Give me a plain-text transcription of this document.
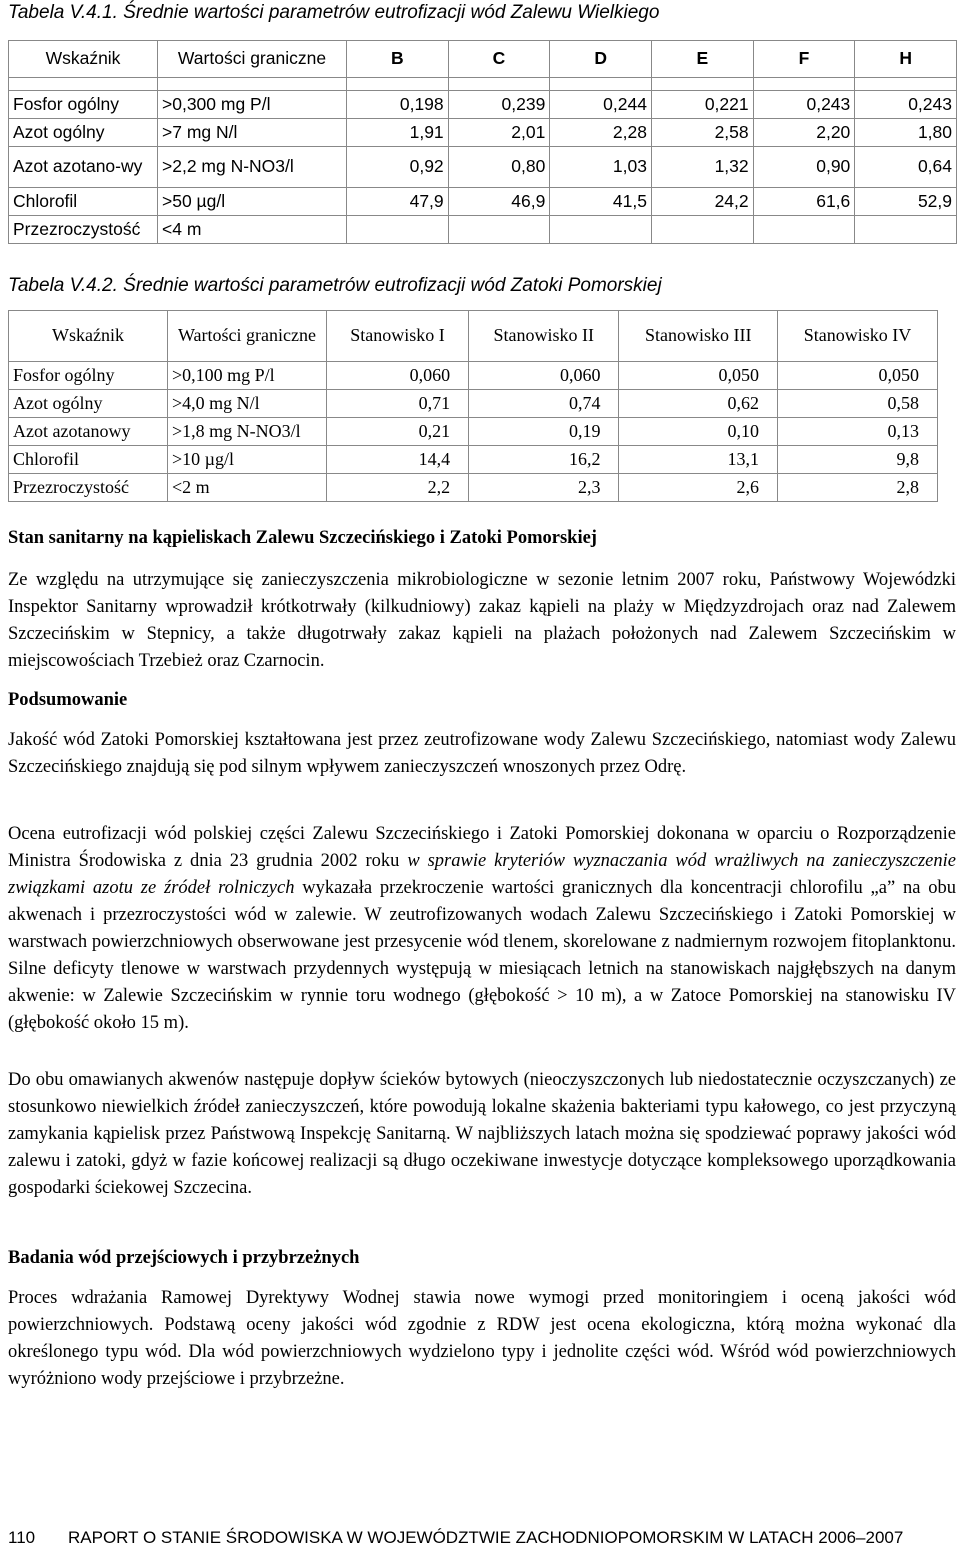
Tabela V.4.1. Średnie wartości parametrów eutrofizacji wód Zalewu Wielkiego
Wskaźnik	Wartości graniczne	B	C	D	E	F	H

Fosfor ogólny	>0,300 mg P/l	0,198	0,239	0,244	0,221	0,243	0,243
Azot ogólny	>7 mg N/l	1,91	2,01	2,28	2,58	2,20	1,80
Azot azotano-wy	>2,2 mg N-NO3/l	0,92	0,80	1,03	1,32	0,90	0,64
Chlorofil	>50 µg/l	47,9	46,9	41,5	24,2	61,6	52,9
Przezroczystość	<4 m						
Tabela V.4.2. Średnie wartości parametrów eutrofizacji wód Zatoki Pomorskiej
Wskaźnik	Wartości graniczne	Stanowisko I	Stanowisko II	Stanowisko III	Stanowisko IV
Fosfor ogólny	>0,100 mg P/l	0,060	0,060	0,050	0,050
Azot ogólny	>4,0 mg N/l	0,71	0,74	0,62	0,58
Azot azotanowy	>1,8 mg N-NO3/l	0,21	0,19	0,10	0,13
Chlorofil	>10 µg/l	14,4	16,2	13,1	9,8
Przezroczystość	<2 m	2,2	2,3	2,6	2,8
Stan sanitarny na kąpieliskach Zalewu Szczecińskiego i Zatoki Pomorskiej

Ze względu na utrzymujące się zanieczyszczenia mikrobiologiczne w sezonie letnim 2007 roku, Państwowy Wojewódzki Inspektor Sanitarny wprowadził krótkotrwały (kilkudniowy) zakaz kąpieli na plaży w Międzyzdrojach oraz nad Zalewem Szczecińskim w Stepnicy, a także długotrwały zakaz kąpieli na plażach położonych nad Zalewem Szczecińskim w miejscowościach Trzebież oraz Czarnocin.

Podsumowanie

Jakość wód Zatoki Pomorskiej kształtowana jest przez zeutrofizowane wody Zalewu Szczecińskiego, natomiast wody Zalewu Szczecińskiego znajdują się pod silnym wpływem zanieczyszczeń wnoszonych przez Odrę.

Ocena eutrofizacji wód polskiej części Zalewu Szczecińskiego i Zatoki Pomorskiej dokonana w oparciu o Rozporządzenie Ministra Środowiska z dnia 23 grudnia 2002 roku w sprawie kryteriów wyznaczania wód wrażliwych na zanieczyszczenie związkami azotu ze źródeł rolniczych wykazała przekroczenie wartości granicznych dla koncentracji chlorofilu „a” na obu akwenach i przezroczystości wód w zalewie. W zeutrofizowanych wodach Zalewu Szczecińskiego i Zatoki Pomorskiej w warstwach powierzchniowych obserwowane jest przesycenie wód tlenem, skorelowane z nadmiernym rozwojem fitoplanktonu. Silne deficyty tlenowe w warstwach przydennych występują w miesiącach letnich na stanowiskach najgłębszych na danym akwenie: w Zalewie Szczecińskim w rynnie toru wodnego (głębokość > 10 m), a w Zatoce Pomorskiej na stanowisku IV (głębokość około 15 m).

Do obu omawianych akwenów następuje dopływ ścieków bytowych (nieoczyszczonych lub niedostatecznie oczyszczanych) ze stosunkowo niewielkich źródeł zanieczyszczeń, które powodują lokalne skażenia bakteriami typu kałowego, co jest przyczyną zamykania kąpielisk przez Państwową Inspekcję Sanitarną. W najbliższych latach można się spodziewać poprawy jakości wód zalewu i zatoki, gdyż w fazie końcowej realizacji są długo oczekiwane inwestycje dotyczące kompleksowego uporządkowania gospodarki ściekowej Szczecina.

Badania wód przejściowych i przybrzeżnych

Proces wdrażania Ramowej Dyrektywy Wodnej stawia nowe wymogi przed monitoringiem i oceną jakości wód powierzchniowych. Podstawą oceny jakości wód zgodnie z RDW jest ocena ekologiczna, którą można wykonać dla określonego typu wód. Dla wód powierzchniowych wydzielono typy i jednolite części wód. Wśród wód powierzchniowych wyróżniono wody przejściowe i przybrzeżne.

110 RAPORT O STANIE ŚRODOWISKA W WOJEWÓDZTWIE ZACHODNIOPOMORSKIM W LATACH 2006–2007
